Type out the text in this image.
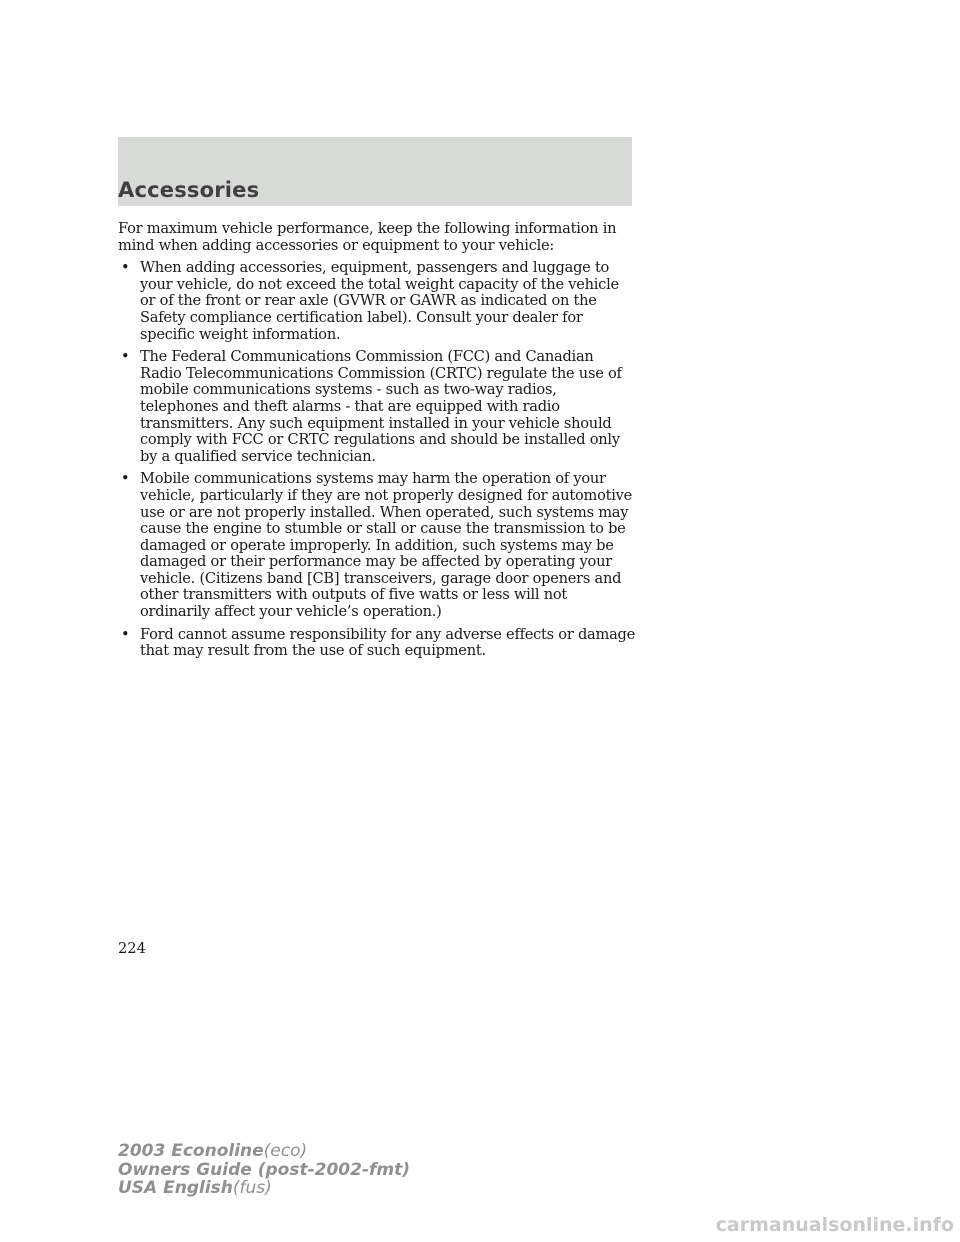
Accessories

For maximum vehicle performance, keep the following information in mind when adding accessories or equipment to your vehicle:

• When adding accessories, equipment, passengers and luggage to your vehicle, do not exceed the total weight capacity of the vehicle or of the front or rear axle (GVWR or GAWR as indicated on the Safety compliance certification label). Consult your dealer for specific weight information.
• The Federal Communications Commission (FCC) and Canadian Radio Telecommunications Commission (CRTC) regulate the use of mobile communications systems - such as two-way radios, telephones and theft alarms - that are equipped with radio transmitters. Any such equipment installed in your vehicle should comply with FCC or CRTC regulations and should be installed only by a qualified service technician.
• Mobile communications systems may harm the operation of your vehicle, particularly if they are not properly designed for automotive use or are not properly installed. When operated, such systems may cause the engine to stumble or stall or cause the transmission to be damaged or operate improperly. In addition, such systems may be damaged or their performance may be affected by operating your vehicle. (Citizens band [CB] transceivers, garage door openers and other transmitters with outputs of five watts or less will not ordinarily affect your vehicle’s operation.)
• Ford cannot assume responsibility for any adverse effects or damage that may result from the use of such equipment.
224
2003 Econoline(eco)
Owners Guide (post-2002-fmt)
USA English(fus)
carmanualsonline.info
